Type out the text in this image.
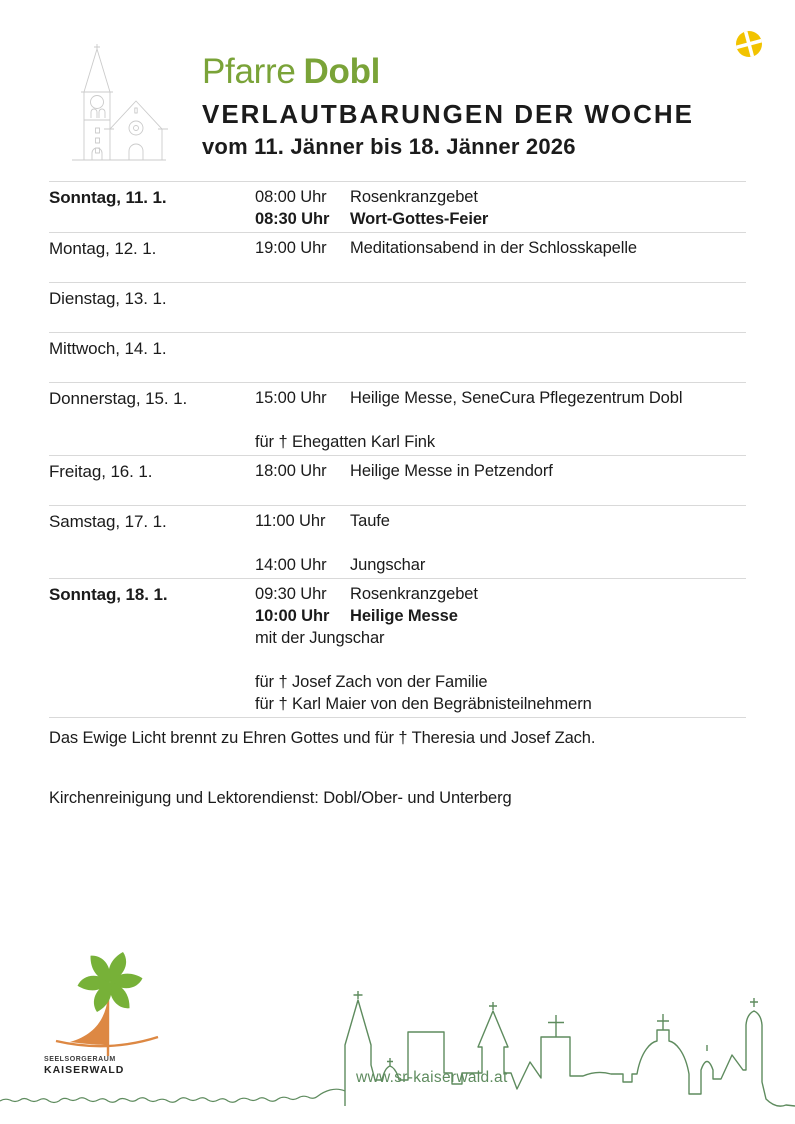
Pfarre Dobl
VERLAUTBARUNGEN DER WOCHE
vom 11. Jänner bis 18. Jänner 2026
Sonntag, 11. 1.	08:00 Uhr	Rosenkranzgebet
08:30 Uhr	Wort-Gottes-Feier
Montag, 12. 1.	19:00 Uhr	Meditationsabend in der Schlosskapelle
Dienstag, 13. 1.
Mittwoch, 14. 1.
Donnerstag, 15. 1.	15:00 Uhr	Heilige Messe, SeneCura Pflegezentrum Dobl
für † Ehegatten Karl Fink
Freitag, 16. 1.	18:00 Uhr	Heilige Messe in Petzendorf
Samstag, 17. 1.	11:00 Uhr	Taufe
14:00 Uhr	Jungschar
Sonntag, 18. 1.	09:30 Uhr	Rosenkranzgebet
10:00 Uhr	Heilige Messe
mit der Jungschar
für † Josef Zach von der Familie
für † Karl Maier von den Begräbnisteilnehmern
Das Ewige Licht brennt zu Ehren Gottes und für † Theresia und Josef Zach.
Kirchenreinigung und Lektorendienst: Dobl/Ober- und Unterberg
SEELSORGERAUM
KAISERWALD	www.sr-kaiserwald.at
